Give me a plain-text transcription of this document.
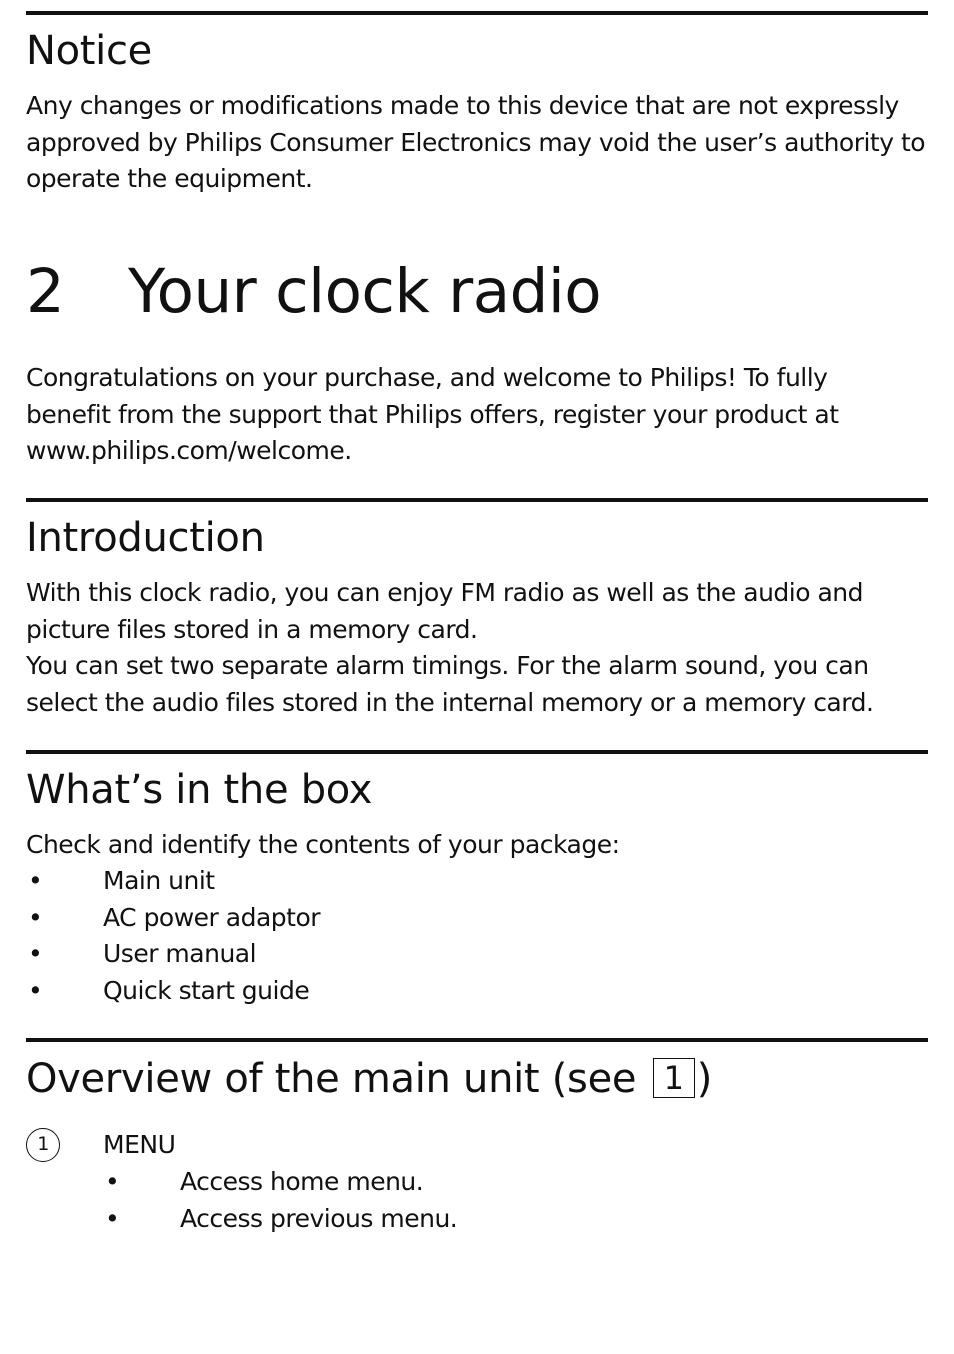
Notice

Any changes or modifications made to this device that are not expressly approved by Philips Consumer Electronics may void the user’s authority to operate the equipment.

2 Your clock radio

Congratulations on your purchase, and welcome to Philips! To fully benefit from the support that Philips offers, register your product at www.philips.com/welcome.

Introduction

With this clock radio, you can enjoy FM radio as well as the audio and picture files stored in a memory card.

You can set two separate alarm timings. For the alarm sound, you can select the audio files stored in the internal memory or a memory card.

What’s in the box

Check and identify the contents of your package:

•	Main unit
•	AC power adaptor
•	User manual
•	Quick start guide
Overview of the main unit (see 1 )
1	MENU
•	Access home menu.
•	Access previous menu.
